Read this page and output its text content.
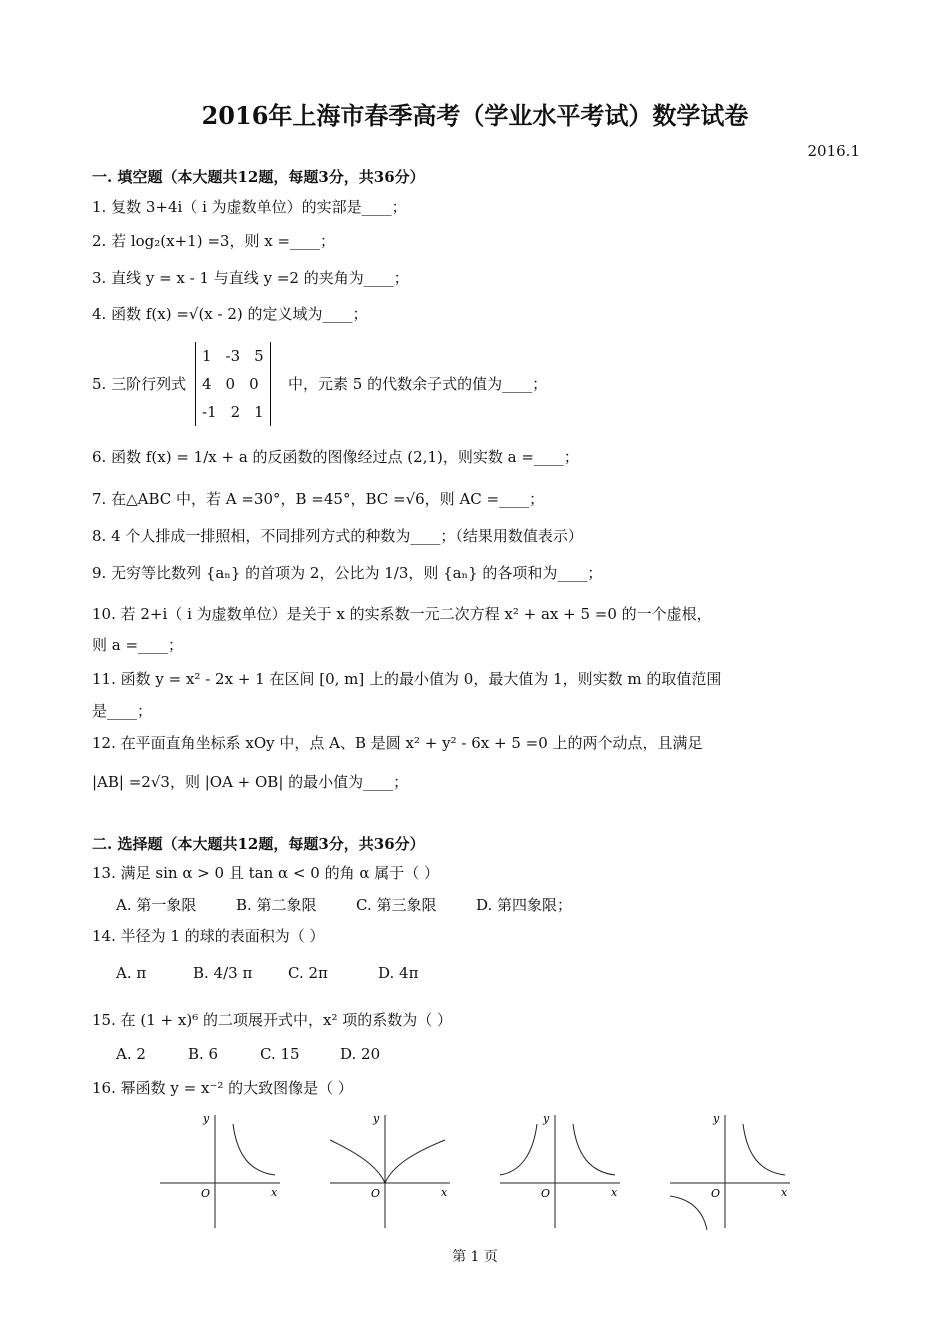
2016年上海市春季高考（学业水平考试）数学试卷
2016.1
一. 填空题（本大题共12题，每题3分，共36分）
1. 复数 3+4i（ i 为虚数单位）的实部是____；
2. 若 log₂(x+1) =3，则 x =____；
3. 直线 y = x - 1 与直线 y =2 的夹角为____；
4. 函数 f(x) =√(x - 2) 的定义域为____；
5. 三阶行列式
1 -3 5
4 0 0
-1 2 1
中，元素 5 的代数余子式的值为____；
6. 函数 f(x) = 1/x + a 的反函数的图像经过点 (2,1)，则实数 a =____；
7. 在△ABC 中，若 A =30°，B =45°，BC =√6，则 AC =____；
8. 4 个人排成一排照相，不同排列方式的种数为____；（结果用数值表示）
9. 无穷等比数列 {aₙ} 的首项为 2，公比为 1/3，则 {aₙ} 的各项和为____；
10. 若 2+i（ i 为虚数单位）是关于 x 的实系数一元二次方程 x² + ax + 5 =0 的一个虚根，
则 a =____；
11. 函数 y = x² - 2x + 1 在区间 [0, m] 上的最小值为 0，最大值为 1，则实数 m 的取值范围
是____；
12. 在平面直角坐标系 xOy 中，点 A、B 是圆 x² + y² - 6x + 5 =0 上的两个动点，且满足
|AB| =2√3，则 |OA + OB| 的最小值为____；
二. 选择题（本大题共12题，每题3分，共36分）
13. 满足 sin α > 0 且 tan α < 0 的角 α 属于（ ）
A. 第一象限	B. 第二象限	C. 第三象限	D. 第四象限；
14. 半径为 1 的球的表面积为（ ）
A. π	B. 4/3 π C. 2π	D. 4π
15. 在 (1 + x)⁶ 的二项展开式中，x² 项的系数为（ ）
A. 2	B. 6	C. 15	D. 20
16. 幂函数 y = x⁻² 的大致图像是（ ）
y
O	x
y
O	x
y
O	x
y
O	x
第 1 页
